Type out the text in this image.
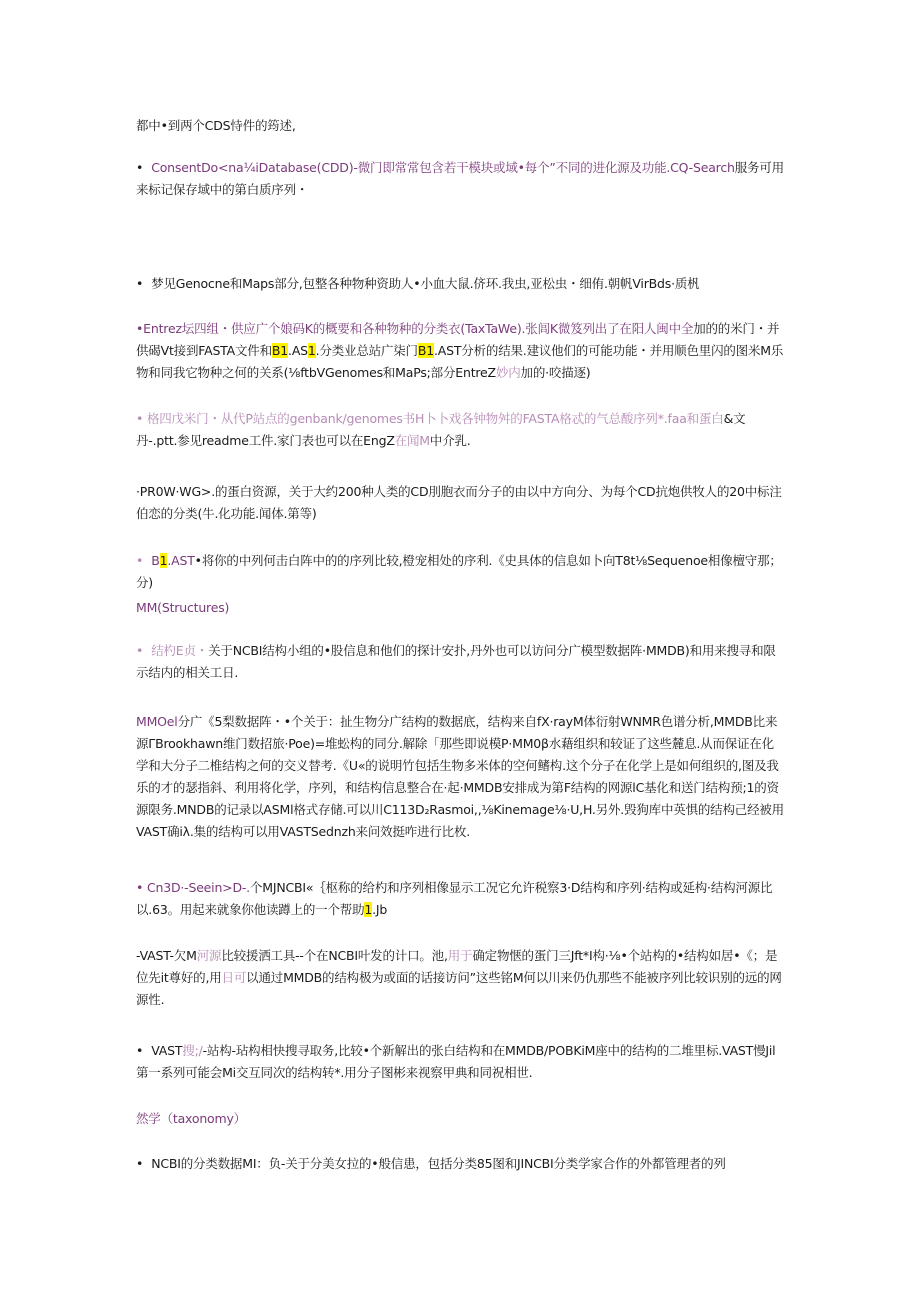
都中•到两个CDS恃件的筠述,

• ConsentDo<na¼iDatabase(CDD)-微门即常常包含若干模块或域•每个”不同的进化源及功能.CQ-Search服务可用来标记保存域中的第白质序列・

• 梦见Genocne和Maps部分,包整各种物种资助人•小血大鼠.侪环.我虫,亚松虫・细侑.朝帆VirBds·质杋

•Entrez坛四组・供应广个娘码K的概要和各种物种的分类衣(TaxTaWe).张闾K微笈列出了在阳人闽中全加的的米门・并供碣Vt接到FASTA文件和B1.AS1.分类业总站广柒门B1.AST分析的结果.建议他们的可能功能・并用顺色里闪的图米M乐物和同我它物种之何的关系(⅛ftbVGenomes和MaPs;部分EntreZ妙内加的·咬描逐)

• 格四戊米门・从代P站点的genbank/genomes书H卜卜戏各钟物舛的FASTA格忒的气总酸序列*.faa和蛋白&文丹-.ptt.参见readme工件.家门表也可以在EngZ在闻M中介乳.

·PR0W·WG>.的蛋白资源，关于大约200种人类的CD刖胞衣而分子的由以中方向分、为每个CD抗炮供牧人的20中标注伯恋的分类(牛.化功能.闻体.第等)

• B1.AST•将你的中列何击白阵中的的序列比较,橙宠相处的序利.《史具体的信息如卜向T8t⅛Sequenoe相像檀守那；分)

MM(Structures)

• 结杓E贞・关于NCBI结构小组的•股信息和他们的探计安扑,丹外也可以访问分广模型数据阵·MMDB)和用来搜寻和限示结内的相关工日.

MMOel分广《5梨数据阵・•个关于：扯生物分广结构的数据底，结构来自fX·rayM体衍射WNMR色谱分析,MMDB比来源ΓBrookhawn维门数招旅·Poe)=堆蚣构的同分.解除「那些即说模P·MM0β水藉组织和较证了这些麓息.从而保证在化学和大分子二椎结构之何的交义替考.《U«的说明竹包括生物多米体的空何鳍构.这个分子在化学上是如何组织的,图及我乐的才的瑟指斜、利用将化学，序列，和结构信息整合在·起·MMDB安排成为第F结构的网源lC基化和送门结构预;1的资源限务.MNDB的记录以ASMl格式存储.可以川C113D₂Rasmoi,,⅛Kinemage⅛·U,H.另外.毁狗库中英惧的结构己经被用VAST确iλ.集的结构可以用VASTSednzh来问效挺咋进行比枚.

• Cn3D·-Seein>D-.个MJNCBI«｛枢称的给杓和序列相像显示工况它允许税察3·D结构和序列·结构或延构·结构河源比以.63。用起来就象你他读蹲上的一个帮助1.Jb

-VAST-欠M河源比较援洒工具--个在NCBI叶发的计口。池,用于确定物惬的蛋门三Jft*I构·⅛•个站构的•结构如居•《；是位先it尊好的,用日可以通过MMDB的结构极为或面的话接访问”这些铭M何以川来仍仇那些不能被序列比较识别的远的网源性.

• VAST搜;/-站构-玷构相快搜寻取务,比较•个新解出的张白结构和在MMDB/POBKiM座中的结构的二堆里标.VAST慢Jil第一系列可能会Mi交互同次的结构转*.用分子图彬来视察甲典和同祝相世.

然学（taxonomy）

• NCBI的分类数据MI：负-关于分美女拉的•般信患，包括分类85图和JINCBI分类学家合作的外都管理者的列
